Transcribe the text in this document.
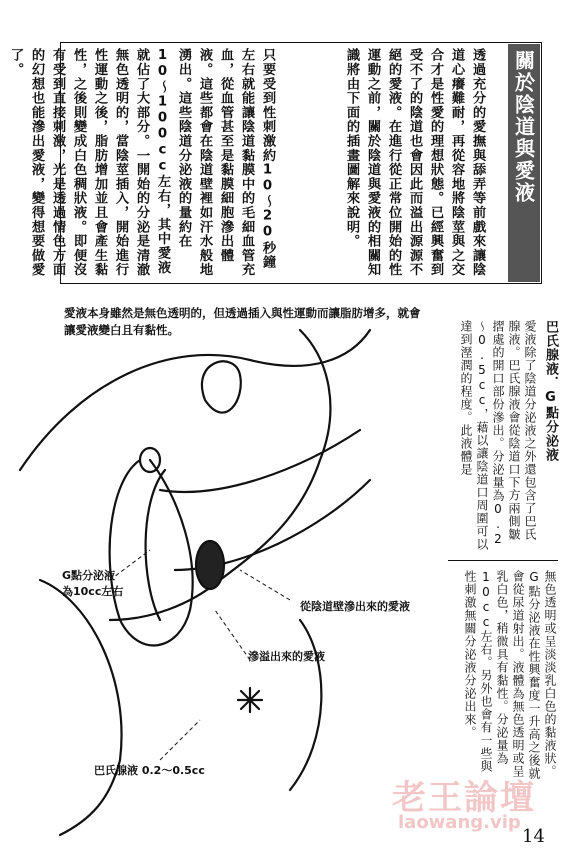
關於陰道與愛液
透過充分的愛撫與舔弄等前戲來讓陰道心癢難耐，再從容地將陰莖與之交合才是性愛的理想狀態。已經興奮到受不了的陰道也會因此而溢出源源不絕的愛液。在進行從正常位開始的性運動之前，關於陰道與愛液的相關知識將由下面的插畫圖解來說明。
只要受到性刺激約10～20秒鐘左右就能讓陰道黏膜中的毛細血管充血，從血管甚至是黏膜細胞滲出體液。這些都會在陰道壁裡如汗水般地湧出。這些陰道分泌液的量約在10～100cc左右，其中愛液就佔了大部分。一開始的分泌是清澈無色透明的，當陰莖插入，開始進行性運動之後，脂肪增加並且會產生黏性，之後則變成白色稠狀液。即便沒有受到直接刺激，光是透過情色方面的幻想也能滲出愛液，變得想要做愛了。
愛液本身雖然是無色透明的，但透過插入與性運動而讓脂肪增多，就會讓愛液變白且有黏性。
G點分泌液
為10cc左右
從陰道壁滲出來的愛液
滲溢出來的愛液
巴氏腺液 0.2～0.5cc
巴氏腺液．G點分泌液
愛液除了陰道分泌液之外還包含了巴氏腺液。巴氏腺液會從陰道口下方兩側皺摺處的開口部份滲出。分泌量為0.2～0.5cc，藉以讓陰道口周圍可以達到溼潤的程度。此液體是
無色透明或呈淡淡乳白色的黏液狀。G點分泌液在性興奮度一升高之後就會從尿道射出。液體為無色透明或呈乳白色，稍微具有黏性。分泌量為10cc左右。另外也會有一些與性刺激無關分泌液分泌出來。
老王論壇
laowang.vip
14
